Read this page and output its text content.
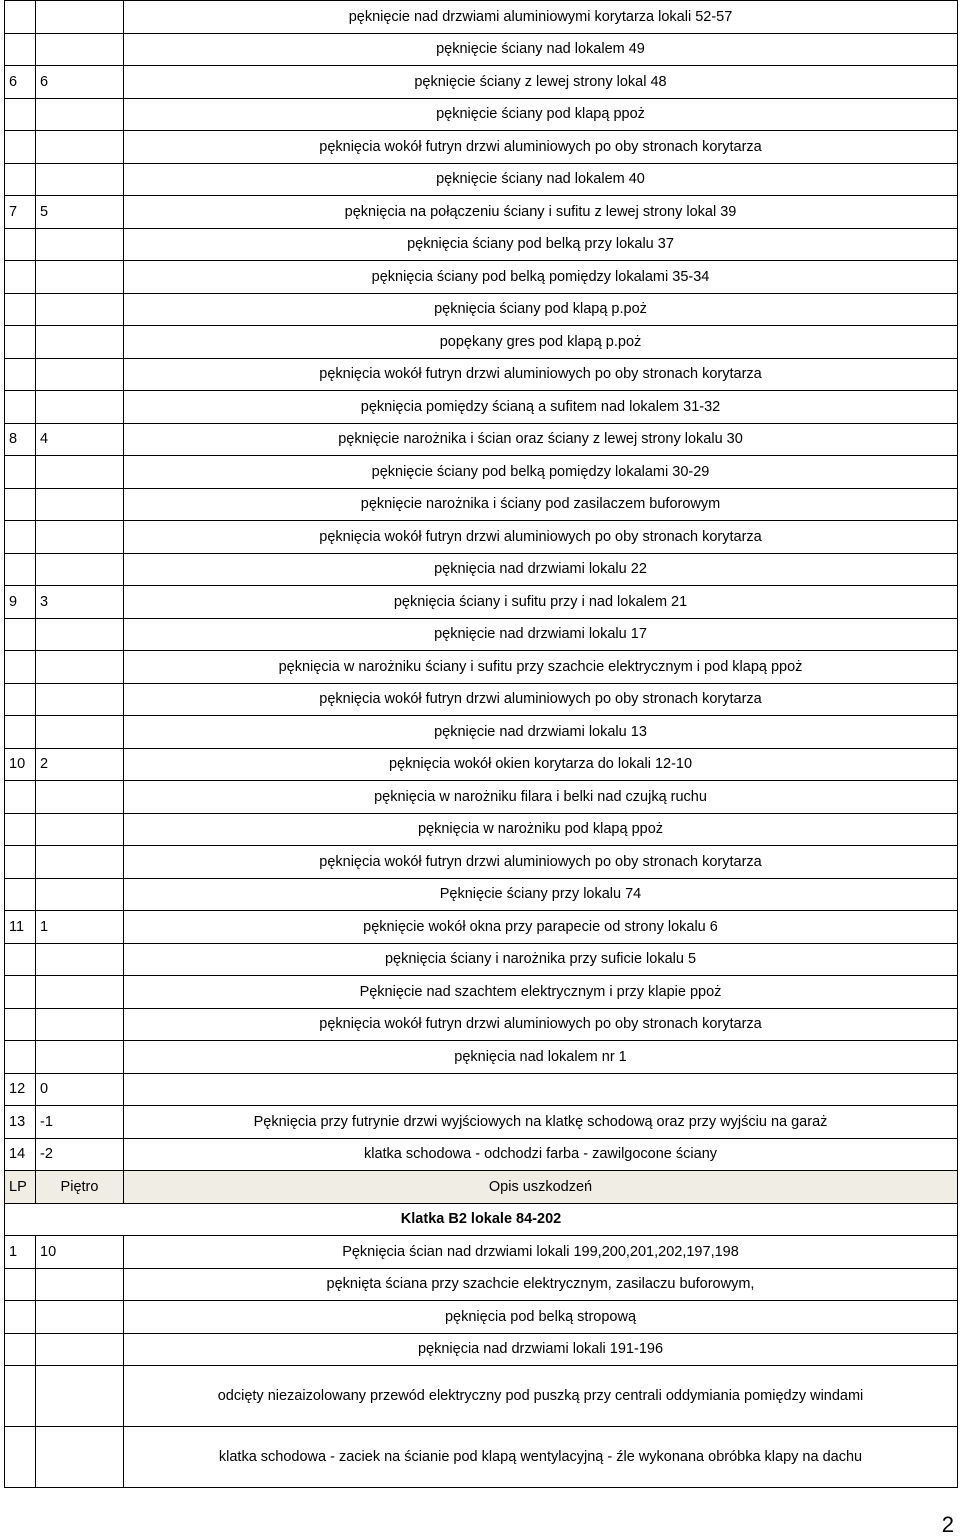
		pęknięcie nad drzwiami aluminiowymi korytarza lokali 52-57
		pęknięcie ściany nad lokalem 49
6	6	pęknięcie ściany z lewej strony lokal 48
		pęknięcie ściany pod klapą ppoż
		pęknięcia wokół futryn drzwi aluminiowych po oby stronach korytarza
		pęknięcie ściany nad lokalem 40
7	5	pęknięcia na połączeniu ściany i sufitu z lewej strony lokal 39
		pęknięcia ściany pod belką przy lokalu 37
		pęknięcia ściany pod belką pomiędzy lokalami 35-34
		pęknięcia ściany pod klapą p.poż
		popękany gres pod klapą p.poż
		pęknięcia wokół futryn drzwi aluminiowych po oby stronach korytarza
		pęknięcia pomiędzy ścianą a sufitem nad lokalem 31-32
8	4	pęknięcie narożnika i ścian oraz ściany z lewej strony lokalu 30
		pęknięcie ściany pod belką pomiędzy lokalami 30-29
		pęknięcie narożnika i ściany pod zasilaczem buforowym
		pęknięcia wokół futryn drzwi aluminiowych po oby stronach korytarza
		pęknięcia nad drzwiami lokalu 22
9	3	pęknięcia ściany i sufitu przy i nad lokalem 21
		pęknięcie nad drzwiami lokalu 17
		pęknięcia w narożniku ściany i sufitu przy szachcie elektrycznym i pod klapą ppoż
		pęknięcia wokół futryn drzwi aluminiowych po oby stronach korytarza
		pęknięcie nad drzwiami lokalu 13
10	2	pęknięcia wokół okien korytarza do lokali 12-10
		pęknięcia w narożniku filara i belki nad czujką ruchu
		pęknięcia w narożniku pod klapą ppoż
		pęknięcia wokół futryn drzwi aluminiowych po oby stronach korytarza
		Pęknięcie ściany przy lokalu 74
11	1	pęknięcie wokół okna przy parapecie od strony lokalu 6
		pęknięcia ściany i narożnika przy suficie lokalu 5
		Pęknięcie nad szachtem elektrycznym i przy klapie ppoż
		pęknięcia wokół futryn drzwi aluminiowych po oby stronach korytarza
		pęknięcia nad lokalem nr 1
12	0	
13	-1	Pęknięcia przy futrynie drzwi wyjściowych na klatkę schodową oraz przy wyjściu na garaż
14	-2	klatka schodowa - odchodzi farba - zawilgocone ściany
LP	Piętro	Opis uszkodzeń
Klatka B2 lokale 84-202		
1	10	Pęknięcia ścian nad drzwiami lokali 199,200,201,202,197,198
		pęknięta ściana przy szachcie elektrycznym, zasilaczu buforowym,
		pęknięcia pod belką stropową
		pęknięcia nad drzwiami lokali 191-196
		odcięty niezaizolowany przewód elektryczny pod puszką przy centrali oddymiania pomiędzy windami
		klatka schodowa - zaciek na ścianie pod klapą wentylacyjną - źle wykonana obróbka klapy na dachu
2
